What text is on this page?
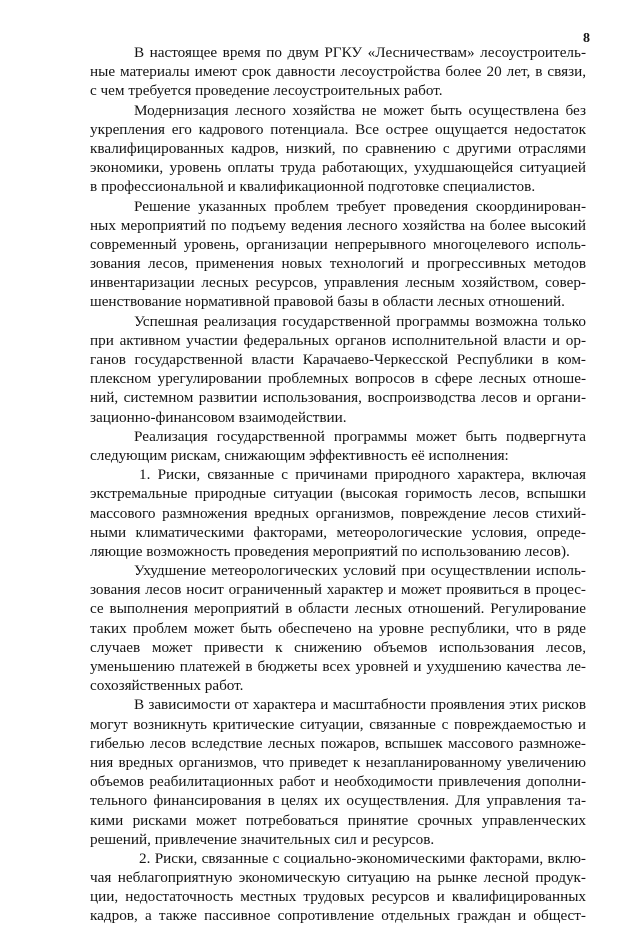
8
В настоящее время по двум РГКУ «Лесничествам» лесоустроитель-
ные материалы имеют срок давности лесоустройства более 20 лет, в связи,
с чем требуется проведение лесоустроительных работ.
Модернизация лесного хозяйства не может быть осуществлена без
укрепления его кадрового потенциала. Все острее ощущается недостаток
квалифицированных кадров, низкий, по сравнению с другими отраслями
экономики, уровень оплаты труда работающих, ухудшающейся ситуацией
в профессиональной и квалификационной подготовке специалистов.
Решение указанных проблем требует проведения скоординирован-
ных мероприятий по подъему ведения лесного хозяйства на более высокий
современный уровень, организации непрерывного многоцелевого исполь-
зования лесов, применения новых технологий и прогрессивных методов
инвентаризации лесных ресурсов, управления лесным хозяйством, совер-
шенствование нормативной правовой базы в области лесных отношений.
Успешная реализация государственной программы возможна только
при активном участии федеральных органов исполнительной власти и ор-
ганов государственной власти Карачаево-Черкесской Республики в ком-
плексном урегулировании проблемных вопросов в сфере лесных отноше-
ний, системном развитии использования, воспроизводства лесов и органи-
зационно-финансовом взаимодействии.
Реализация государственной программы может быть подвергнута
следующим рискам, снижающим эффективность её исполнения:
1. Риски, связанные с причинами природного характера, включая
экстремальные природные ситуации (высокая горимость лесов, вспышки
массового размножения вредных организмов, повреждение лесов стихий-
ными климатическими факторами, метеорологические условия, опреде-
ляющие возможность проведения мероприятий по использованию лесов).
Ухудшение метеорологических условий при осуществлении исполь-
зования лесов носит ограниченный характер и может проявиться в процес-
се выполнения мероприятий в области лесных отношений. Регулирование
таких проблем может быть обеспечено на уровне республики, что в ряде
случаев может привести к снижению объемов использования лесов,
уменьшению платежей в бюджеты всех уровней и ухудшению качества ле-
сохозяйственных работ.
В зависимости от характера и масштабности проявления этих рисков
могут возникнуть критические ситуации, связанные с повреждаемостью и
гибелью лесов вследствие лесных пожаров, вспышек массового размноже-
ния вредных организмов, что приведет к незапланированному увеличению
объемов реабилитационных работ и необходимости привлечения дополни-
тельного финансирования в целях их осуществления. Для управления та-
кими рисками может потребоваться принятие срочных управленческих
решений, привлечение значительных сил и ресурсов.
2. Риски, связанные с социально-экономическими факторами, вклю-
чая неблагоприятную экономическую ситуацию на рынке лесной продук-
ции, недостаточность местных трудовых ресурсов и квалифицированных
кадров, а также пассивное сопротивление отдельных граждан и общест-
